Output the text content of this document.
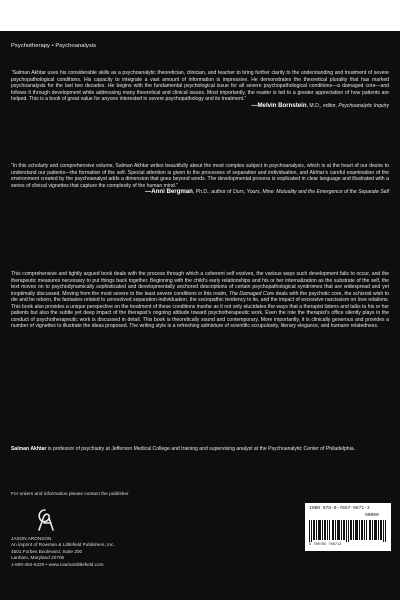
Psychotherapy • Psychoanalysis
“Salman Akhtar uses his considerable skills as a psychoanalytic theoretician, clinician, and teacher to bring further clarity to the understanding and treatment of severe psychopathological conditions. His capacity to integrate a vast amount of information is impressive. He demonstrates the theoretical plurality that has marked psychoanalysis for the last two decades. He begins with the fundamental psychological issue for all severe psychopathological conditions—a damaged core—and follows it through development while addressing many theoretical and clinical issues. Most importantly, the reader is led to a greater appreciation of how patients are helped. This is a book of great value for anyone interested in severe psychopathology and its treatment.”
—Melvin Bornstein, M.D., editor, Psychoanalytic Inquiry
“In this scholarly and comprehensive volume, Salman Akhtar writes beautifully about the most complex subject in psychoanalysis, which is at the heart of our desire to understand our patients—the formation of the self. Special attention is given to the processes of separation and individuation, and Akhtar’s careful examination of the environment created by the psychoanalyst adds a dimension that goes beyond words. The developmental process is explicated in clear language and illustrated with a series of clinical vignettes that capture the complexity of the human mind.”
—Anni Bergman, Ph.D., author of Ours, Yours, Mine: Mutuality and the Emergence of the Separate Self
This comprehensive and tightly argued book deals with the process through which a coherent self evolves, the various ways such development fails to occur, and the therapeutic measures necessary to put things back together. Beginning with the child’s early relationships and his or her internalization as the substrate of the self, the text moves on to psychodynamically sophisticated and developmentally anchored descriptions of certain psychopathological syndromes that are widespread and yet inoptimally discussed. Moving from the most severe to the least severe conditions in this realm, The Damaged Core deals with the psychotic core, the schizoid wish to die and be reborn, the fantasies related to unresolved separation-individuation, the sociopathic tendency to lie, and the impact of excessive narcissism on love relations. This book also provides a unique perspective on the treatment of these conditions insofar as it not only elucidates the ways that a therapist listens and talks to his or her patients but also the subtle yet deep impact of the therapist’s ongoing attitude toward psychotherapeutic work. Even the role the therapist’s office silently plays in the conduct of psychotherapeutic work is discussed in detail. This book is theoretically sound and contemporary. More importantly, it is clinically generous and provides a number of vignettes to illustrate the ideas proposed. The writing style is a refreshing admixture of scientific scrupulosity, literary elegance, and humane relatedness.
Salman Akhtar is professor of psychiatry at Jefferson Medical College and training and supervising analyst at the Psychoanalytic Center of Philadelphia.
For orders and information please contact the publisher
JASON ARONSON
An imprint of Rowman & Littlefield Publishers, Inc.
4501 Forbes Boulevard, Suite 200
Lanham, Maryland 20706
1-800-462-6420 • www.rowmanlittlefield.com
ISBN 978-0-7657-0671-3
90000
9 780765 706713
